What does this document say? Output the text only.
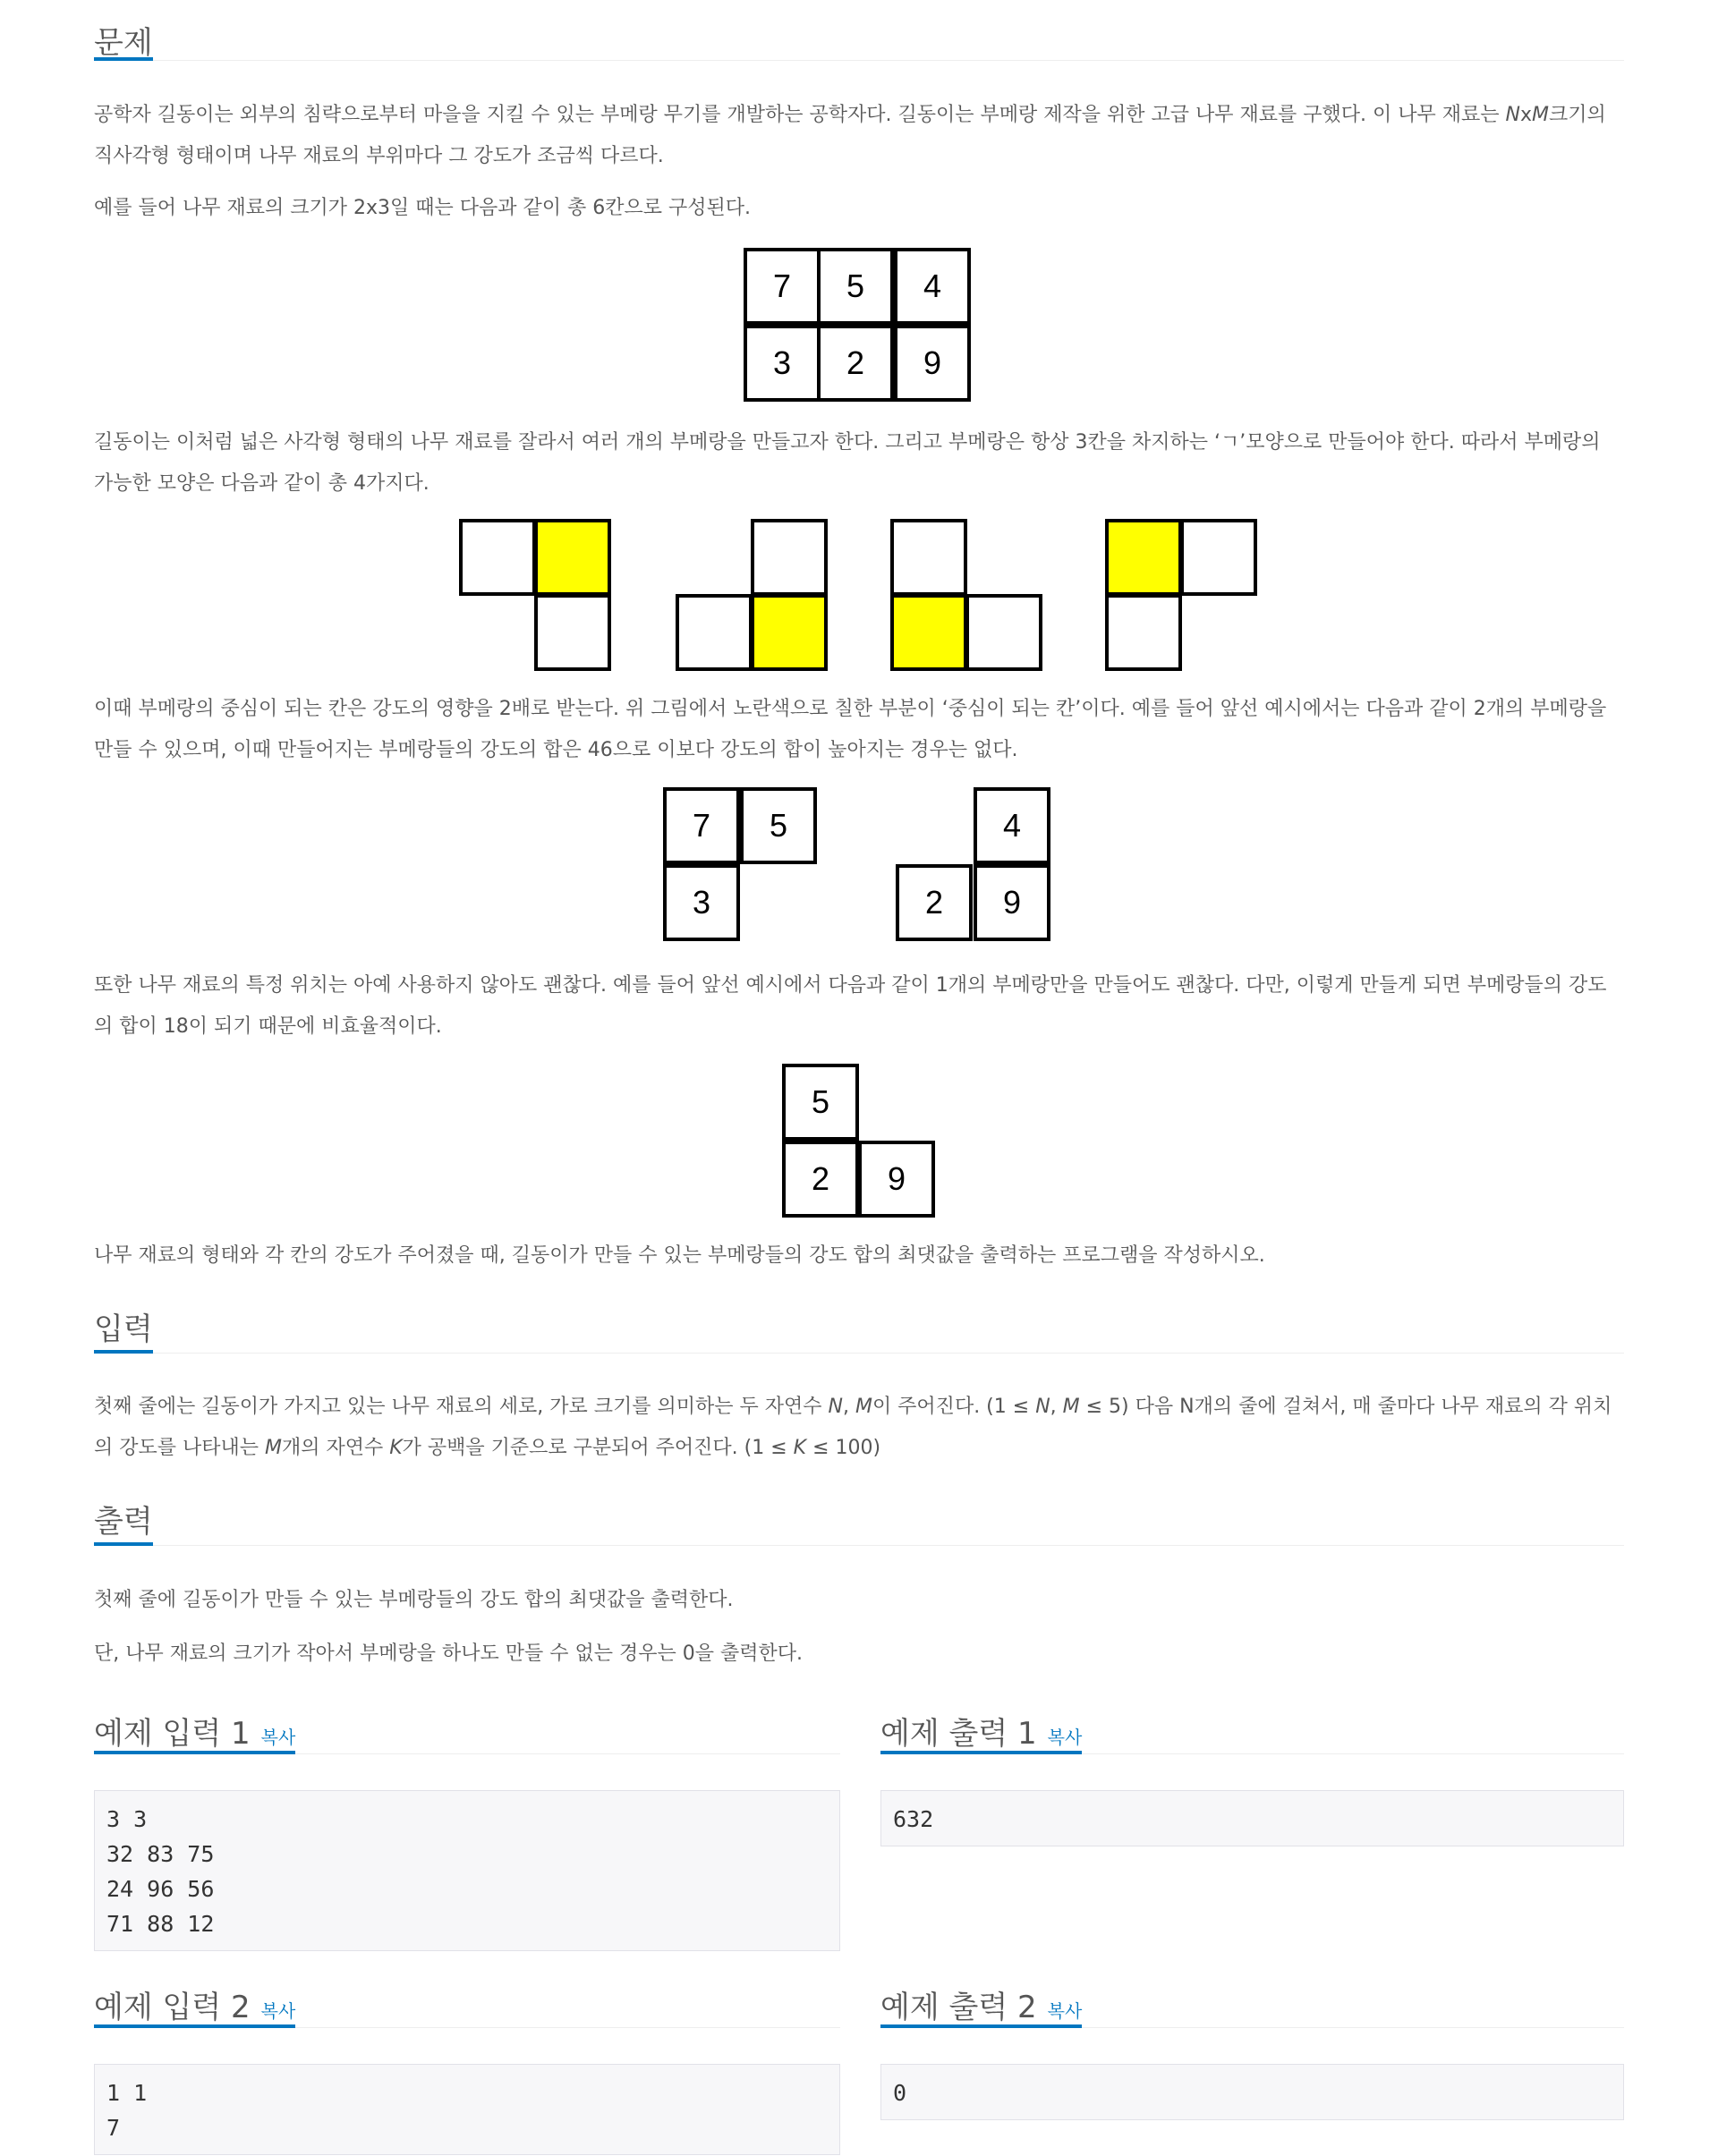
문제
공학자 길동이는 외부의 침략으로부터 마을을 지킬 수 있는 부메랑 무기를 개발하는 공학자다. 길동이는 부메랑 제작을 위한 고급 나무 재료를 구했다. 이 나무 재료는 NxM크기의 직사각형 형태이며 나무 재료의 부위마다 그 강도가 조금씩 다르다.
예를 들어 나무 재료의 크기가 2x3일 때는 다음과 같이 총 6칸으로 구성된다.
7	5	4
3	2	9
길동이는 이처럼 넓은 사각형 형태의 나무 재료를 잘라서 여러 개의 부메랑을 만들고자 한다. 그리고 부메랑은 항상 3칸을 차지하는 ‘ㄱ’모양으로 만들어야 한다. 따라서 부메랑의 가능한 모양은 다음과 같이 총 4가지다.
이때 부메랑의 중심이 되는 칸은 강도의 영향을 2배로 받는다. 위 그림에서 노란색으로 칠한 부분이 ‘중심이 되는 칸’이다. 예를 들어 앞선 예시에서는 다음과 같이 2개의 부메랑을 만들 수 있으며, 이때 만들어지는 부메랑들의 강도의 합은 46으로 이보다 강도의 합이 높아지는 경우는 없다.
7	5
3
4
2	9
또한 나무 재료의 특정 위치는 아예 사용하지 않아도 괜찮다. 예를 들어 앞선 예시에서 다음과 같이 1개의 부메랑만을 만들어도 괜찮다. 다만, 이렇게 만들게 되면 부메랑들의 강도의 합이 18이 되기 때문에 비효율적이다.
5
2	9
나무 재료의 형태와 각 칸의 강도가 주어졌을 때, 길동이가 만들 수 있는 부메랑들의 강도 합의 최댓값을 출력하는 프로그램을 작성하시오.
입력
첫째 줄에는 길동이가 가지고 있는 나무 재료의 세로, 가로 크기를 의미하는 두 자연수 N, M이 주어진다. (1 ≤ N, M ≤ 5) 다음 N개의 줄에 걸쳐서, 매 줄마다 나무 재료의 각 위치의 강도를 나타내는 M개의 자연수 K가 공백을 기준으로 구분되어 주어진다. (1 ≤ K ≤ 100)
출력
첫째 줄에 길동이가 만들 수 있는 부메랑들의 강도 합의 최댓값을 출력한다.
단, 나무 재료의 크기가 작아서 부메랑을 하나도 만들 수 없는 경우는 0을 출력한다.
예제 입력 1 복사
3 3
32 83 75
24 96 56
71 88 12
예제 출력 1 복사
632
예제 입력 2 복사
1 1
7
예제 출력 2 복사
0
